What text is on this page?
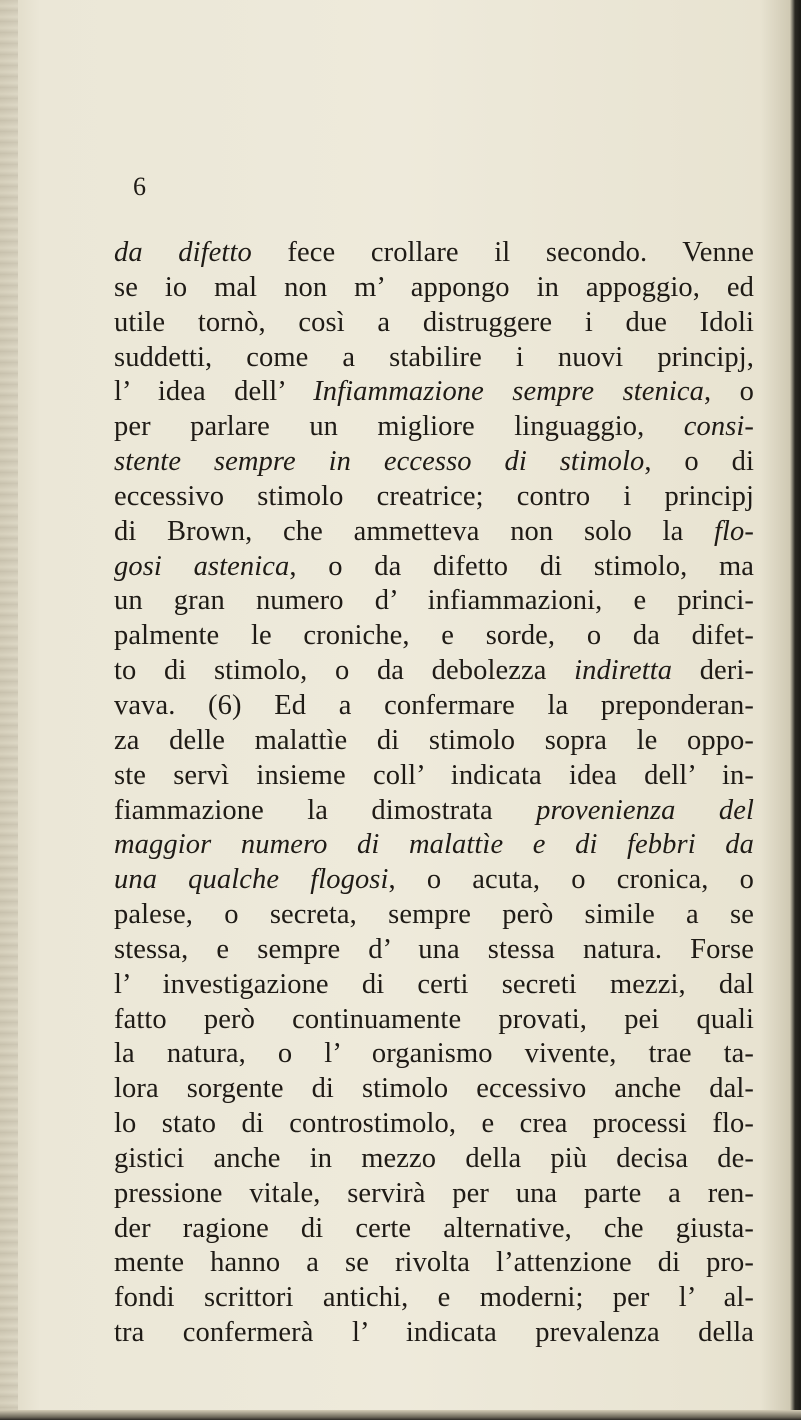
6
da difetto fece crollare il secondo. Venne
se io mal non m’ appongo in appoggio, ed
utile tornò, così a distruggere i due Idoli
suddetti, come a stabilire i nuovi principj,
l’ idea dell’ Infiammazione sempre stenica, o
per parlare un migliore linguaggio, consi-
stente sempre in eccesso di stimolo, o di
eccessivo stimolo creatrice; contro i principj
di Brown, che ammetteva non solo la flo-
gosi astenica, o da difetto di stimolo, ma
un gran numero d’ infiammazioni, e princi-
palmente le croniche, e sorde, o da difet-
to di stimolo, o da debolezza indiretta deri-
vava. (6) Ed a confermare la preponderan-
za delle malattìe di stimolo sopra le oppo-
ste servì insieme coll’ indicata idea dell’ in-
fiammazione la dimostrata provenienza del
maggior numero di malattìe e di febbri da
una qualche flogosi, o acuta, o cronica, o
palese, o secreta, sempre però simile a se
stessa, e sempre d’ una stessa natura. Forse
l’ investigazione di certi secreti mezzi, dal
fatto però continuamente provati, pei quali
la natura, o l’ organismo vivente, trae ta-
lora sorgente di stimolo eccessivo anche dal-
lo stato di controstimolo, e crea processi flo-
gistici anche in mezzo della più decisa de-
pressione vitale, servirà per una parte a ren-
der ragione di certe alternative, che giusta-
mente hanno a se rivolta l’attenzione di pro-
fondi scrittori antichi, e moderni; per l’ al-
tra confermerà l’ indicata prevalenza della
